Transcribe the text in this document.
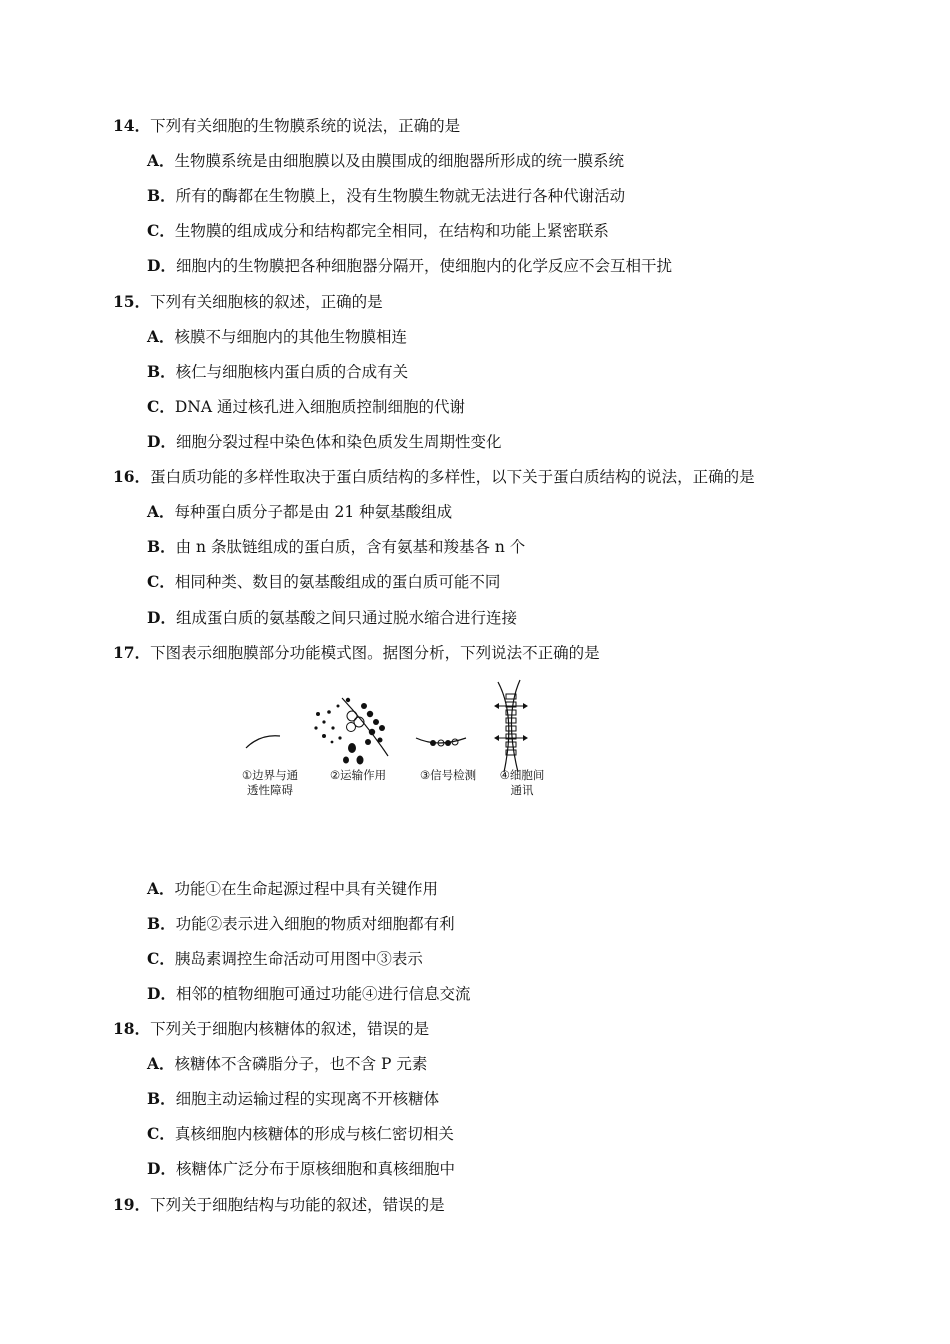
14．下列有关细胞的生物膜系统的说法，正确的是
A．生物膜系统是由细胞膜以及由膜围成的细胞器所形成的统一膜系统
B．所有的酶都在生物膜上，没有生物膜生物就无法进行各种代谢活动
C．生物膜的组成成分和结构都完全相同，在结构和功能上紧密联系
D．细胞内的生物膜把各种细胞器分隔开，使细胞内的化学反应不会互相干扰
15．下列有关细胞核的叙述，正确的是
A．核膜不与细胞内的其他生物膜相连
B．核仁与细胞核内蛋白质的合成有关
C．DNA 通过核孔进入细胞质控制细胞的代谢
D．细胞分裂过程中染色体和染色质发生周期性变化
16．蛋白质功能的多样性取决于蛋白质结构的多样性，以下关于蛋白质结构的说法，正确的是
A．每种蛋白质分子都是由 21 种氨基酸组成
B．由 n 条肽链组成的蛋白质，含有氨基和羧基各 n 个
C．相同种类、数目的氨基酸组成的蛋白质可能不同
D．组成蛋白质的氨基酸之间只通过脱水缩合进行连接
17．下图表示细胞膜部分功能模式图。据图分析，下列说法不正确的是
①边界与通
透性障碍
②运输作用	③信号检测	④细胞间
通讯
A．功能①在生命起源过程中具有关键作用
B．功能②表示进入细胞的物质对细胞都有利
C．胰岛素调控生命活动可用图中③表示
D．相邻的植物细胞可通过功能④进行信息交流
18．下列关于细胞内核糖体的叙述，错误的是
A．核糖体不含磷脂分子，也不含 P 元素
B．细胞主动运输过程的实现离不开核糖体
C．真核细胞内核糖体的形成与核仁密切相关
D．核糖体广泛分布于原核细胞和真核细胞中
19．下列关于细胞结构与功能的叙述，错误的是
